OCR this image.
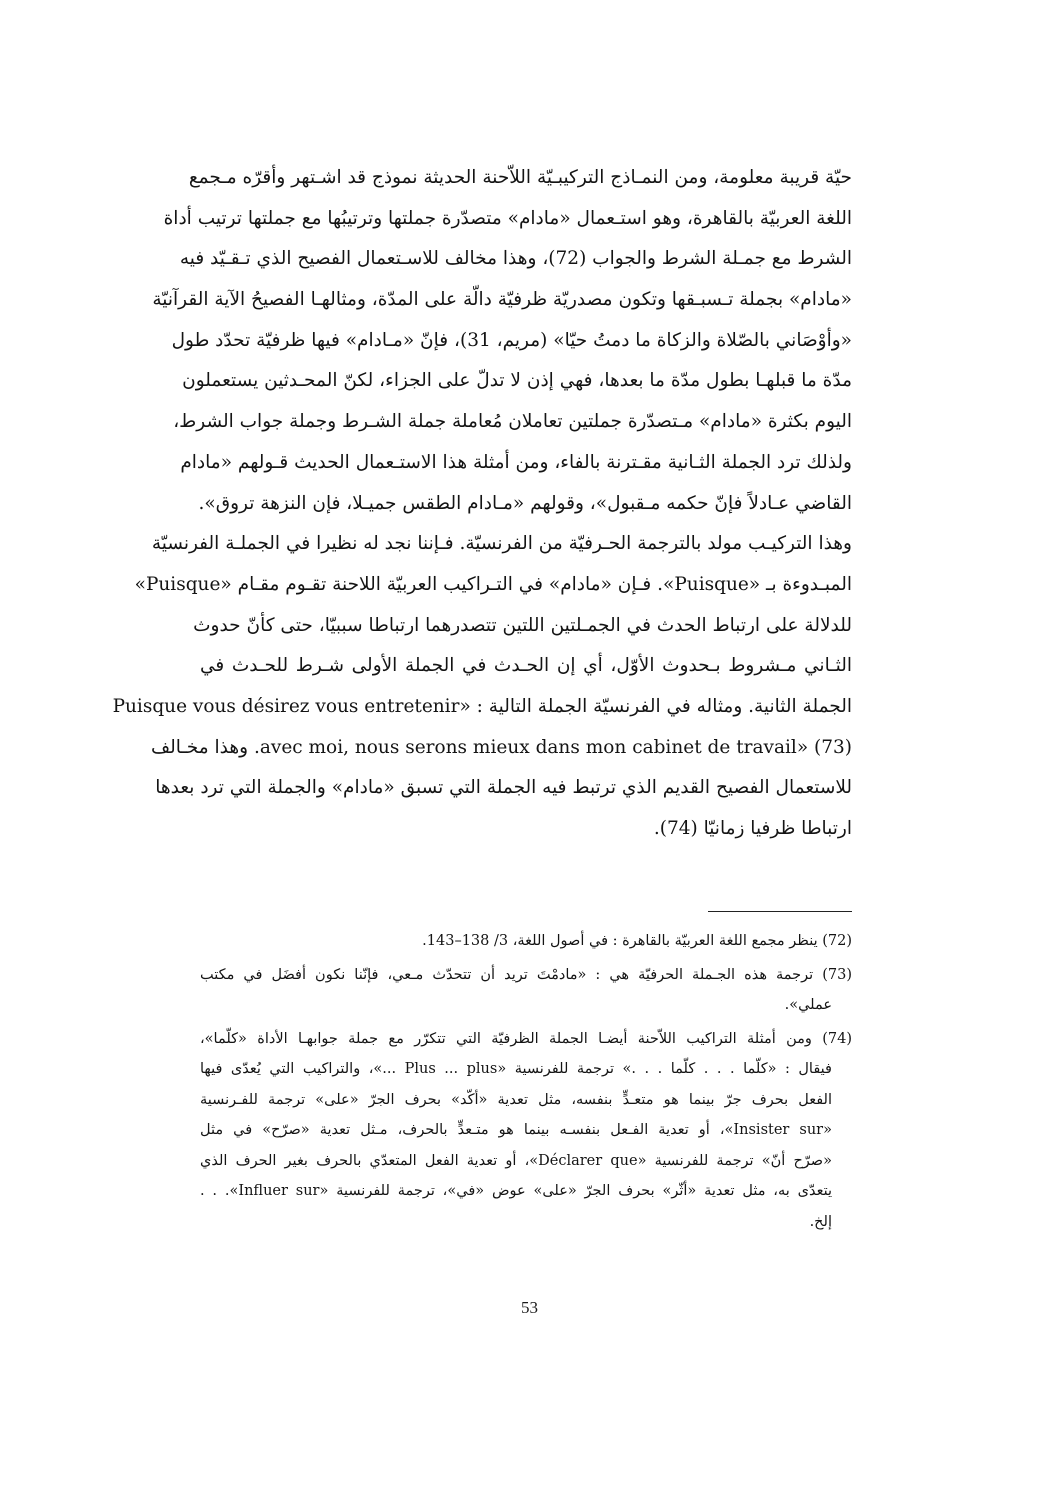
حيّة قريبة معلومة، ومن النمـاذج التركيبـيّة اللاّحنة الحديثة نموذج قد اشـتهر وأقرّه مـجمع
اللغة العربيّة بالقاهرة، وهو استـعمال «مادام» متصدّرة جملتها وترتيبُها مع جملتها ترتيب أداة
الشرط مع جمـلة الشرط والجواب (72)، وهذا مخالف للاسـتعمال الفصيح الذي تـقـيّد فيه
«مادام» بجملة تـسبـقها وتكون مصدريّة ظرفيّة دالّة على المدّة، ومثالهـا الفصيحُ الآية القرآنيّة
«وأوْصَاني بالصّلاة والزكاة ما دمتُ حيّا» (مريم، 31)، فإنّ «مـادام» فيها ظرفيّة تحدّد طول
مدّة ما قبلهـا بطول مدّة ما بعدها، فهي إذن لا تدلّ على الجزاء، لكنّ المحـدثين يستعملون
اليوم بكثرة «مادام» مـتصدّرة جملتين تعاملان مُعاملة جملة الشـرط وجملة جواب الشرط،
ولذلك ترد الجملة الثـانية مقـترنة بالفاء، ومن أمثلة هذا الاستـعمال الحديث قـولهم «مادام
القاضي عـادلاً فإنّ حكمه مـقبول»، وقولهم «مـادام الطقس جميـلا، فإن النزهة تروق».
وهذا التركيـب مولد بالترجمة الحـرفيّة من الفرنسيّة. فـإننا نجد له نظيرا في الجملـة الفرنسيّة
المبـدوءة بـ «Puisque». فـإن «مادام» في التـراكيب العربيّة اللاحنة تقـوم مقـام «Puisque»
للدلالة على ارتباط الحدث في الجمـلتين اللتين تتصدرهما ارتباطا سببيّا، حتى كأنّ حدوث
الثـاني مـشروط بـحدوث الأوّل، أي إن الحـدث في الجملة الأولى شـرط للحـدث في
الجملة الثانية. ومثاله في الفرنسيّة الجملة التالية : «Puisque vous désirez vous entretenir
avec moi, nous serons mieux dans mon cabinet de travail» (73). وهذا مخـالف
للاستعمال الفصيح القديم الذي ترتبط فيه الجملة التي تسبق «مادام» والجملة التي ترد بعدها
ارتباطا ظرفيا زمانيّا (74).
(72) ينظر مجمع اللغة العربيّة بالقاهرة : في أصول اللغة، 3/ 138–143.
(73) ترجمة هذه الجـملة الحرفيّة هي : «مادمْتَ تريد أن تتحدّث مـعي، فإنّنا نكون أفضَل في مكتب
عملي».
(74) ومن أمثلة التراكيب اللاّحنة أيضـا الجملة الظرفيّة التي تتكرّر مع جملة جوابهـا الأداة «كلّما»،
فيقال : «كلّما . . . كلّما . . .» ترجمة للفرنسية «Plus ... plus ...»، والتراكيب التي يُعدّى فيها
الفعل بحرف جرّ بينما هو متعـدٍّ بنفسه، مثل تعدية «أكّد» بحرف الجرّ «على» ترجمة للفـرنسية
«Insister sur»، أو تعدية الفـعل بنفسـه بينما هو متـعدٍّ بالحرف، مـثل تعدية «صرّح» في مثل
«صرّح أنّ» ترجمة للفرنسية «Déclarer que»، أو تعدية الفعل المتعدّي بالحرف بغير الحرف الذي
يتعدّى به، مثل تعدية «أثّر» بحرف الجرّ «على» عوض «في»، ترجمة للفرنسية «Influer sur». . .
إلخ.
53
